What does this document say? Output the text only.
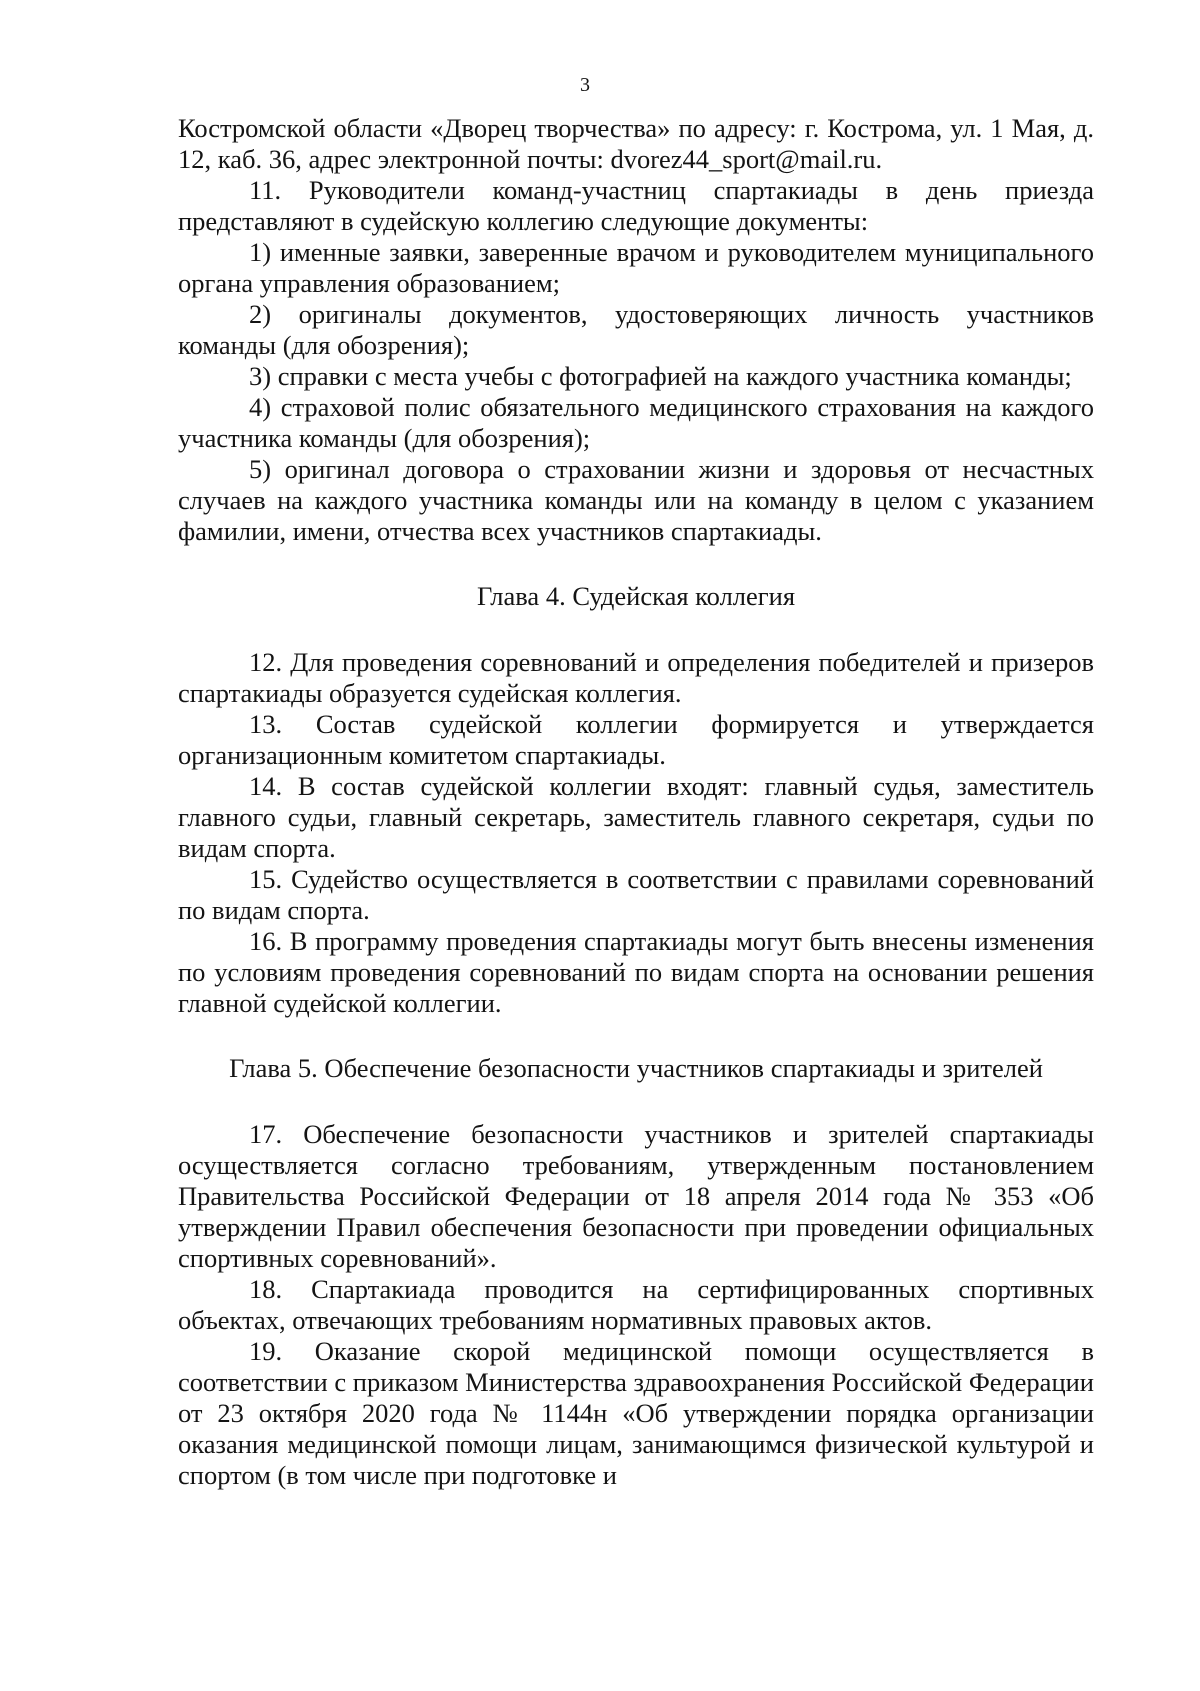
3

Костромской области «Дворец творчества» по адресу: г. Кострома, ул. 1 Мая, д. 12, каб. 36, адрес электронной почты: dvorez44_sport@mail.ru.

11. Руководители команд-участниц спартакиады в день приезда представляют в судейскую коллегию следующие документы:

1) именные заявки, заверенные врачом и руководителем муниципального органа управления образованием;

2) оригиналы документов, удостоверяющих личность участников команды (для обозрения);

3) справки с места учебы с фотографией на каждого участника команды;

4) страховой полис обязательного медицинского страхования на каждого участника команды (для обозрения);

5) оригинал договора о страховании жизни и здоровья от несчастных случаев на каждого участника команды или на команду в целом с указанием фамилии, имени, отчества всех участников спартакиады.

Глава 4. Судейская коллегия

12. Для проведения соревнований и определения победителей и призеров спартакиады образуется судейская коллегия.

13. Состав судейской коллегии формируется и утверждается организационным комитетом спартакиады.

14. В состав судейской коллегии входят: главный судья, заместитель главного судьи, главный секретарь, заместитель главного секретаря, судьи по видам спорта.

15. Судейство осуществляется в соответствии с правилами соревнований по видам спорта.

16. В программу проведения спартакиады могут быть внесены изменения по условиям проведения соревнований по видам спорта на основании решения главной судейской коллегии.

Глава 5. Обеспечение безопасности участников спартакиады и зрителей

17. Обеспечение безопасности участников и зрителей спартакиады осуществляется согласно требованиям, утвержденным постановлением Правительства Российской Федерации от 18 апреля 2014 года № 353 «Об утверждении Правил обеспечения безопасности при проведении официальных спортивных соревнований».

18. Спартакиада проводится на сертифицированных спортивных объектах, отвечающих требованиям нормативных правовых актов.

19. Оказание скорой медицинской помощи осуществляется в соответствии с приказом Министерства здравоохранения Российской Федерации от 23 октября 2020 года № 1144н «Об утверждении порядка организации оказания медицинской помощи лицам, занимающимся физической культурой и спортом (в том числе при подготовке и
